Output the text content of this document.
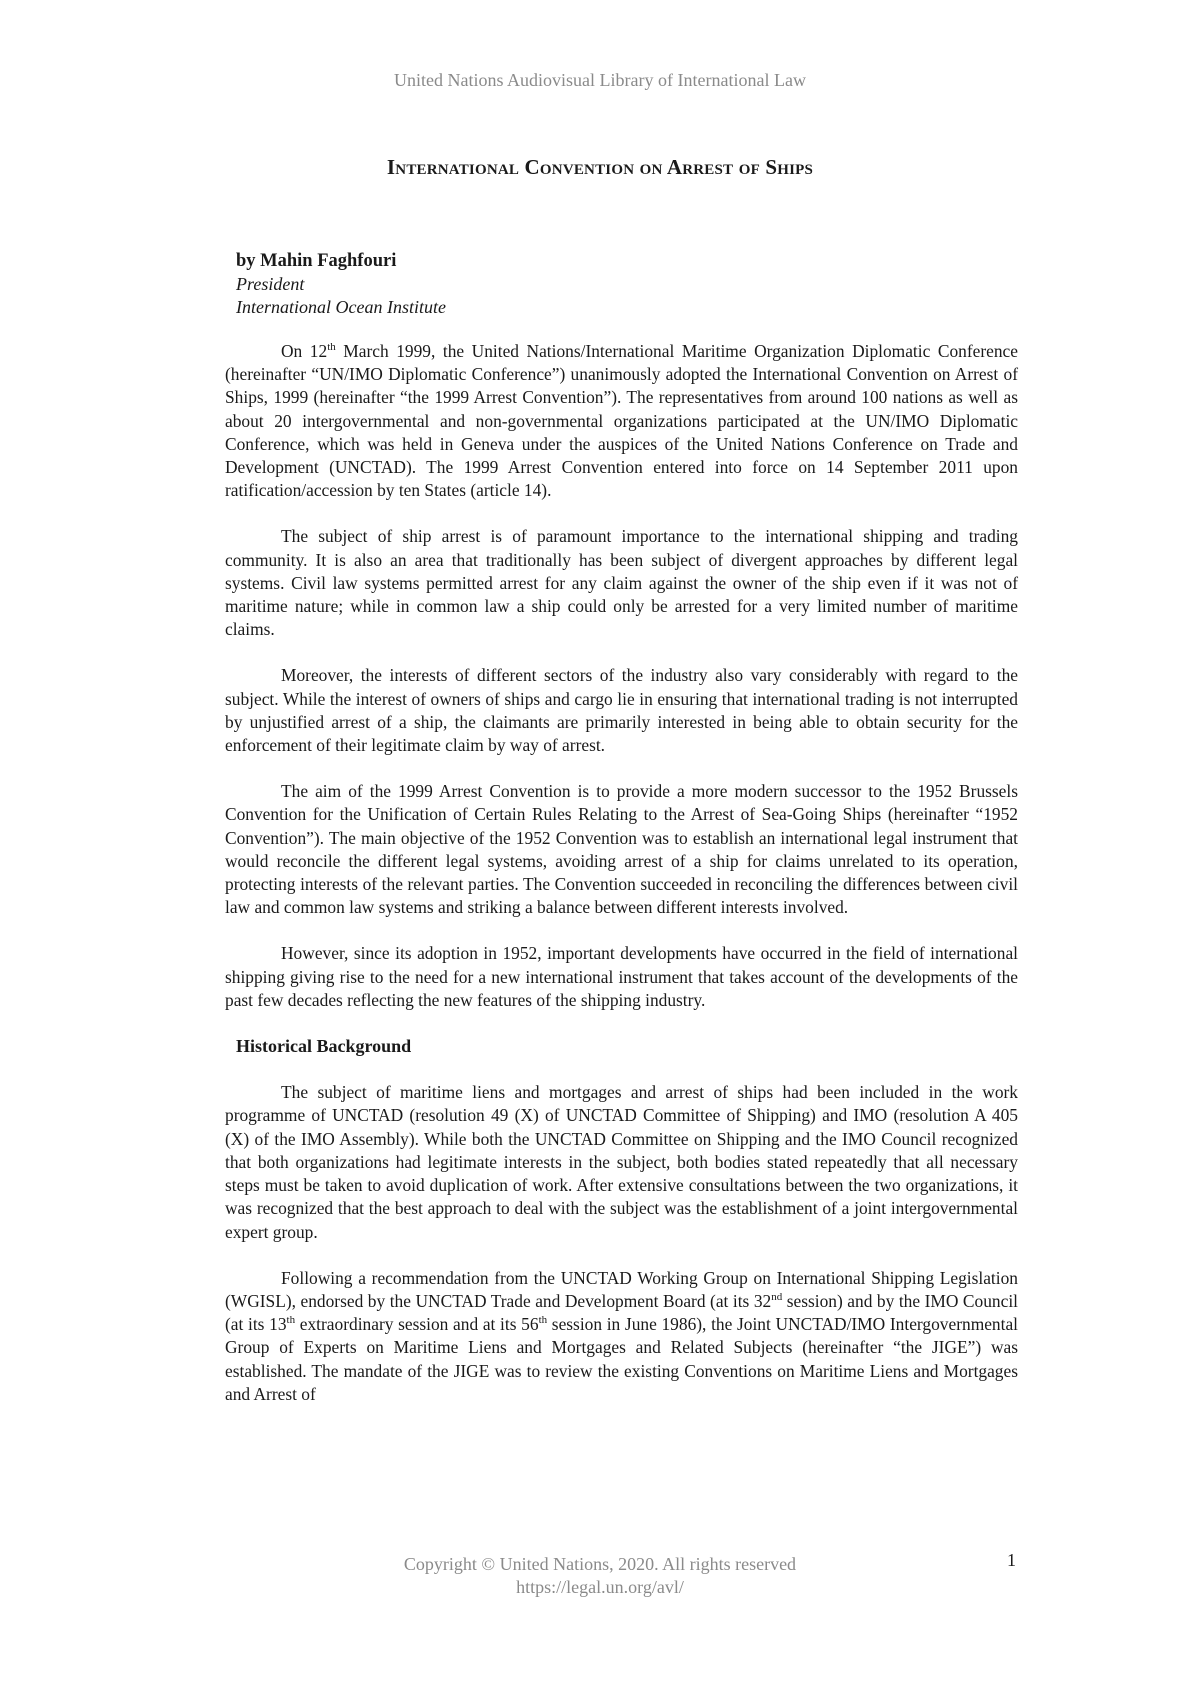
United Nations Audiovisual Library of International Law
International Convention on Arrest of Ships
by Mahin Faghfouri
President
International Ocean Institute

On 12th March 1999, the United Nations/International Maritime Organization Diplomatic Conference (hereinafter “UN/IMO Diplomatic Conference”) unanimously adopted the International Convention on Arrest of Ships, 1999 (hereinafter “the 1999 Arrest Convention”). The representatives from around 100 nations as well as about 20 intergovernmental and non-governmental organizations participated at the UN/IMO Diplomatic Conference, which was held in Geneva under the auspices of the United Nations Conference on Trade and Development (UNCTAD). The 1999 Arrest Convention entered into force on 14 September 2011 upon ratification/accession by ten States (article 14).

The subject of ship arrest is of paramount importance to the international shipping and trading community. It is also an area that traditionally has been subject of divergent approaches by different legal systems. Civil law systems permitted arrest for any claim against the owner of the ship even if it was not of maritime nature; while in common law a ship could only be arrested for a very limited number of maritime claims.

Moreover, the interests of different sectors of the industry also vary considerably with regard to the subject. While the interest of owners of ships and cargo lie in ensuring that international trading is not interrupted by unjustified arrest of a ship, the claimants are primarily interested in being able to obtain security for the enforcement of their legitimate claim by way of arrest.

The aim of the 1999 Arrest Convention is to provide a more modern successor to the 1952 Brussels Convention for the Unification of Certain Rules Relating to the Arrest of Sea-Going Ships (hereinafter “1952 Convention”). The main objective of the 1952 Convention was to establish an international legal instrument that would reconcile the different legal systems, avoiding arrest of a ship for claims unrelated to its operation, protecting interests of the relevant parties. The Convention succeeded in reconciling the differences between civil law and common law systems and striking a balance between different interests involved.

However, since its adoption in 1952, important developments have occurred in the field of international shipping giving rise to the need for a new international instrument that takes account of the developments of the past few decades reflecting the new features of the shipping industry.

Historical Background

The subject of maritime liens and mortgages and arrest of ships had been included in the work programme of UNCTAD (resolution 49 (X) of UNCTAD Committee of Shipping) and IMO (resolution A 405 (X) of the IMO Assembly). While both the UNCTAD Committee on Shipping and the IMO Council recognized that both organizations had legitimate interests in the subject, both bodies stated repeatedly that all necessary steps must be taken to avoid duplication of work. After extensive consultations between the two organizations, it was recognized that the best approach to deal with the subject was the establishment of a joint intergovernmental expert group.

Following a recommendation from the UNCTAD Working Group on International Shipping Legislation (WGISL), endorsed by the UNCTAD Trade and Development Board (at its 32nd session) and by the IMO Council (at its 13th extraordinary session and at its 56th session in June 1986), the Joint UNCTAD/IMO Intergovernmental Group of Experts on Maritime Liens and Mortgages and Related Subjects (hereinafter “the JIGE”) was established. The mandate of the JIGE was to review the existing Conventions on Maritime Liens and Mortgages and Arrest of

Copyright © United Nations, 2020. All rights reserved
https://legal.un.org/avl/
1
